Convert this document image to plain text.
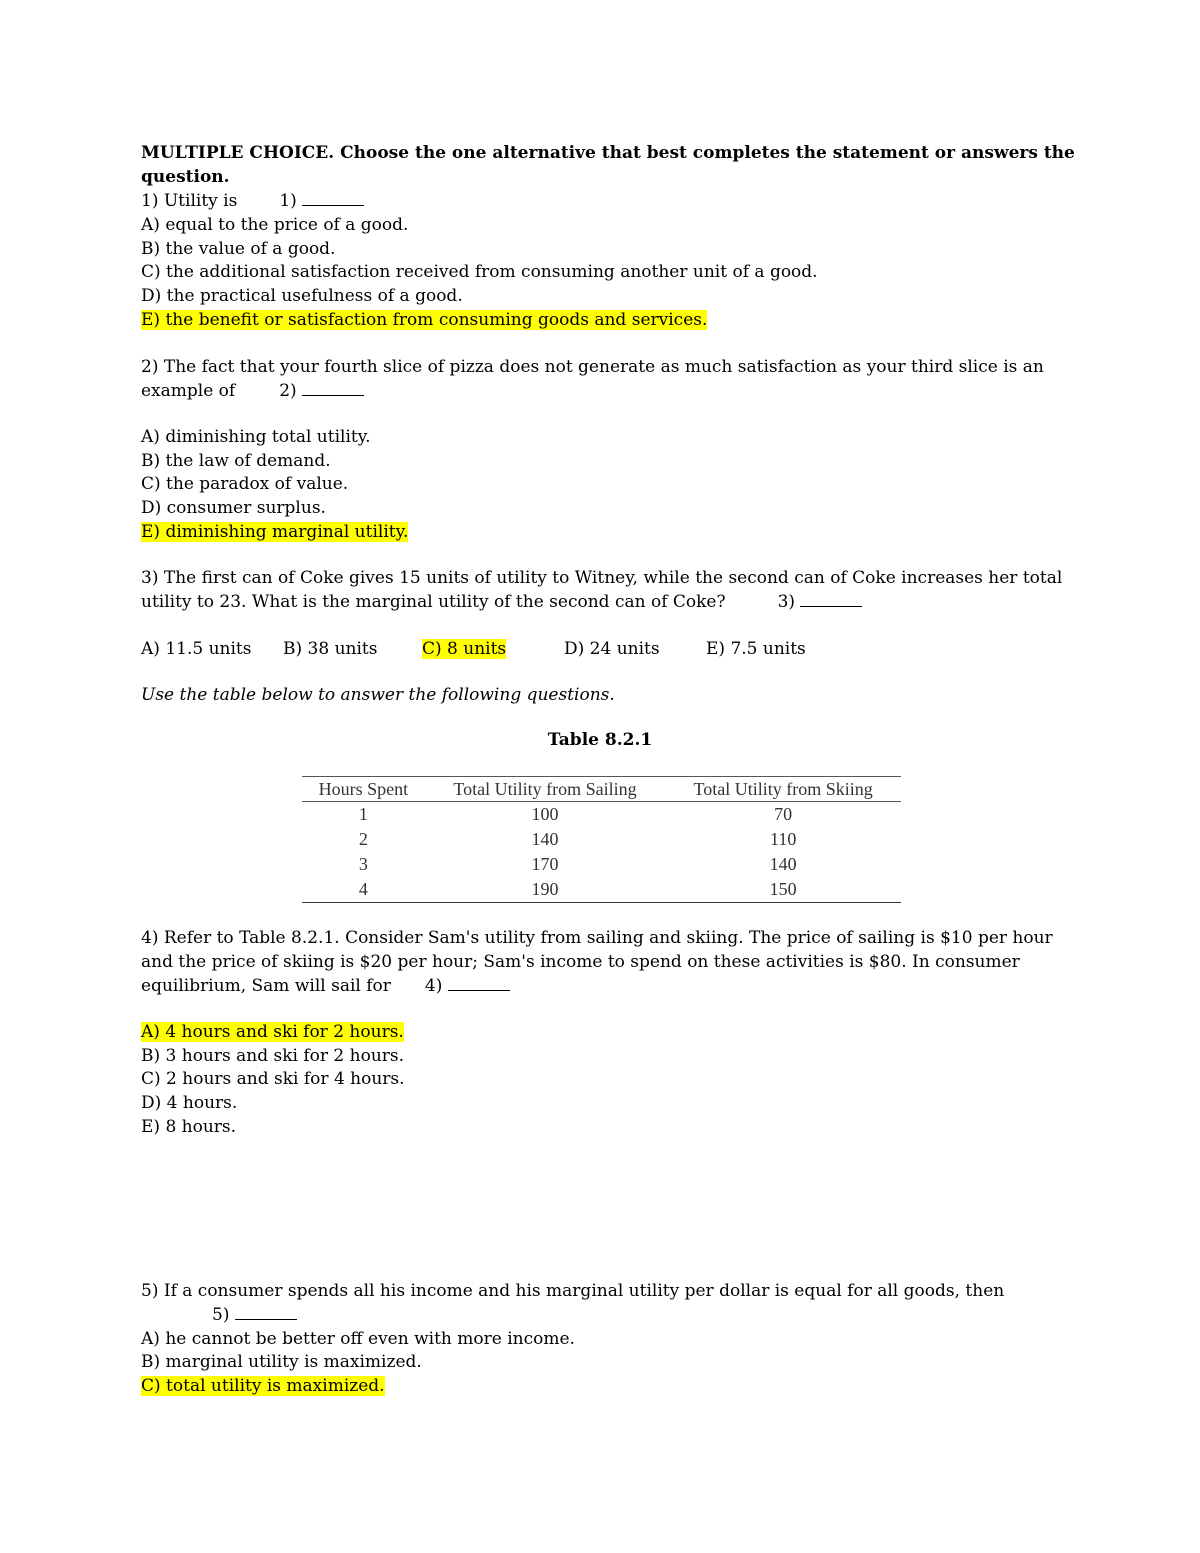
MULTIPLE CHOICE. Choose the one alternative that best completes the statement or answers the
question.
1) Utility is 1)
A) equal to the price of a good.
B) the value of a good.
C) the additional satisfaction received from consuming another unit of a good.
D) the practical usefulness of a good.
E) the benefit or satisfaction from consuming goods and services.
2) The fact that your fourth slice of pizza does not generate as much satisfaction as your third slice is an
example of	2)
A) diminishing total utility.
B) the law of demand.
C) the paradox of value.
D) consumer surplus.
E) diminishing marginal utility.
3) The first can of Coke gives 15 units of utility to Witney, while the second can of Coke increases her total
utility to 23. What is the marginal utility of the second can of Coke?	3)
A) 11.5 units B) 38 units	C) 8 units	D) 24 units	E) 7.5 units
Use the table below to answer the following questions.
Table 8.2.1
Hours Spent	Total Utility from Sailing	Total Utility from Skiing
1	100	70
2	140	110
3	170	140
4	190	150
4) Refer to Table 8.2.1. Consider Sam's utility from sailing and skiing. The price of sailing is $10 per hour
and the price of skiing is $20 per hour; Sam's income to spend on these activities is $80. In consumer
equilibrium, Sam will sail for 4)
A) 4 hours and ski for 2 hours.
B) 3 hours and ski for 2 hours.
C) 2 hours and ski for 4 hours.
D) 4 hours.
E) 8 hours.
5) If a consumer spends all his income and his marginal utility per dollar is equal for all goods, then
5)
A) he cannot be better off even with more income.
B) marginal utility is maximized.
C) total utility is maximized.
